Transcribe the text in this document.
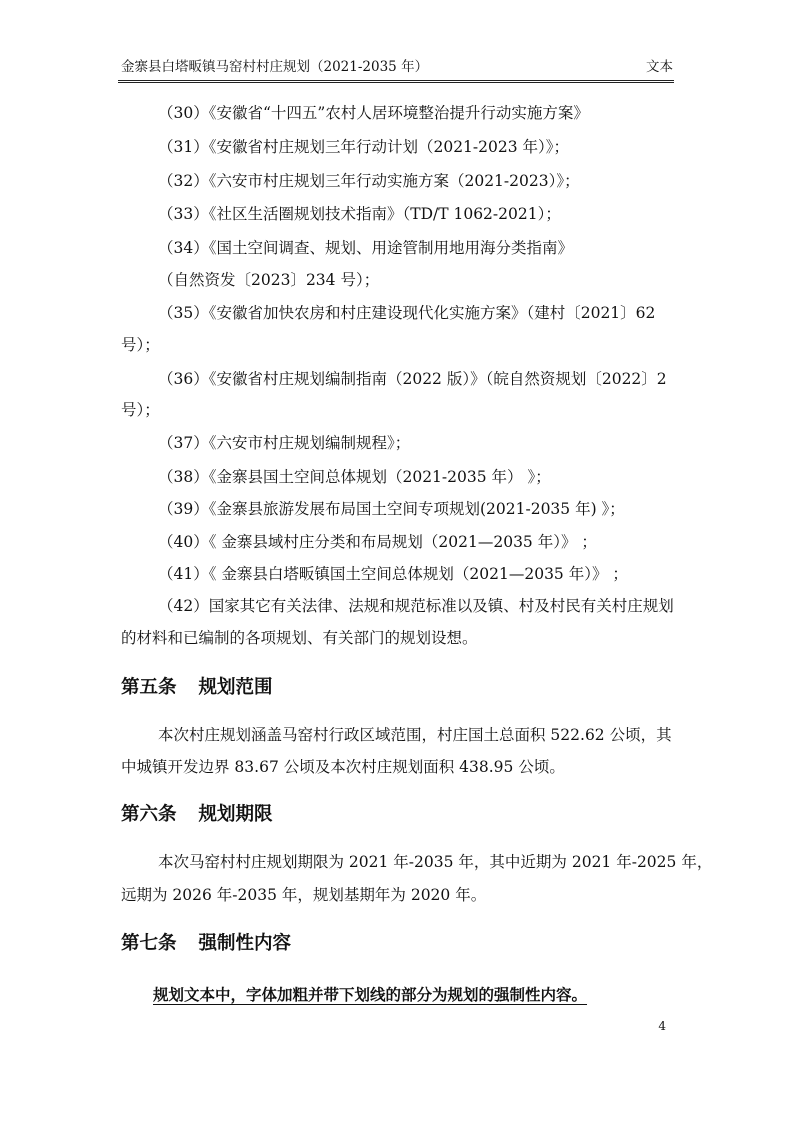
金寨县白塔畈镇马窑村村庄规划（2021-2035 年）	文本
（30）《安徽省“十四五”农村人居环境整治提升行动实施方案》
（31）《安徽省村庄规划三年行动计划（2021-2023 年）》；
（32）《六安市村庄规划三年行动实施方案（2021-2023）》；
（33）《社区生活圈规划技术指南》（TD/T 1062-2021）；
（34）《国土空间调查、规划、用途管制用地用海分类指南》
（自然资发〔2023〕234 号）；
（35）《安徽省加快农房和村庄建设现代化实施方案》（建村〔2021〕62
号）；
（36）《安徽省村庄规划编制指南（2022 版）》（皖自然资规划〔2022〕2
号）；
（37）《六安市村庄规划编制规程》；
（38）《金寨县国土空间总体规划（2021-2035 年） 》；
（39）《金寨县旅游发展布局国土空间专项规划(2021-2035 年) 》；
（40）《 金寨县域村庄分类和布局规划（2021—2035 年）》 ；
（41）《 金寨县白塔畈镇国土空间总体规划（2021—2035 年）》 ；
（42）国家其它有关法律、法规和规范标准以及镇、村及村民有关村庄规划
的材料和已编制的各项规划、有关部门的规划设想。
第五条 规划范围
本次村庄规划涵盖马窑村行政区域范围，村庄国土总面积 522.62 公顷，其
中城镇开发边界 83.67 公顷及本次村庄规划面积 438.95 公顷。
第六条 规划期限
本次马窑村村庄规划期限为 2021 年-2035 年，其中近期为 2021 年-2025 年，
远期为 2026 年-2035 年，规划基期年为 2020 年。
第七条 强制性内容
规划文本中，字体加粗并带下划线的部分为规划的强制性内容。
4
